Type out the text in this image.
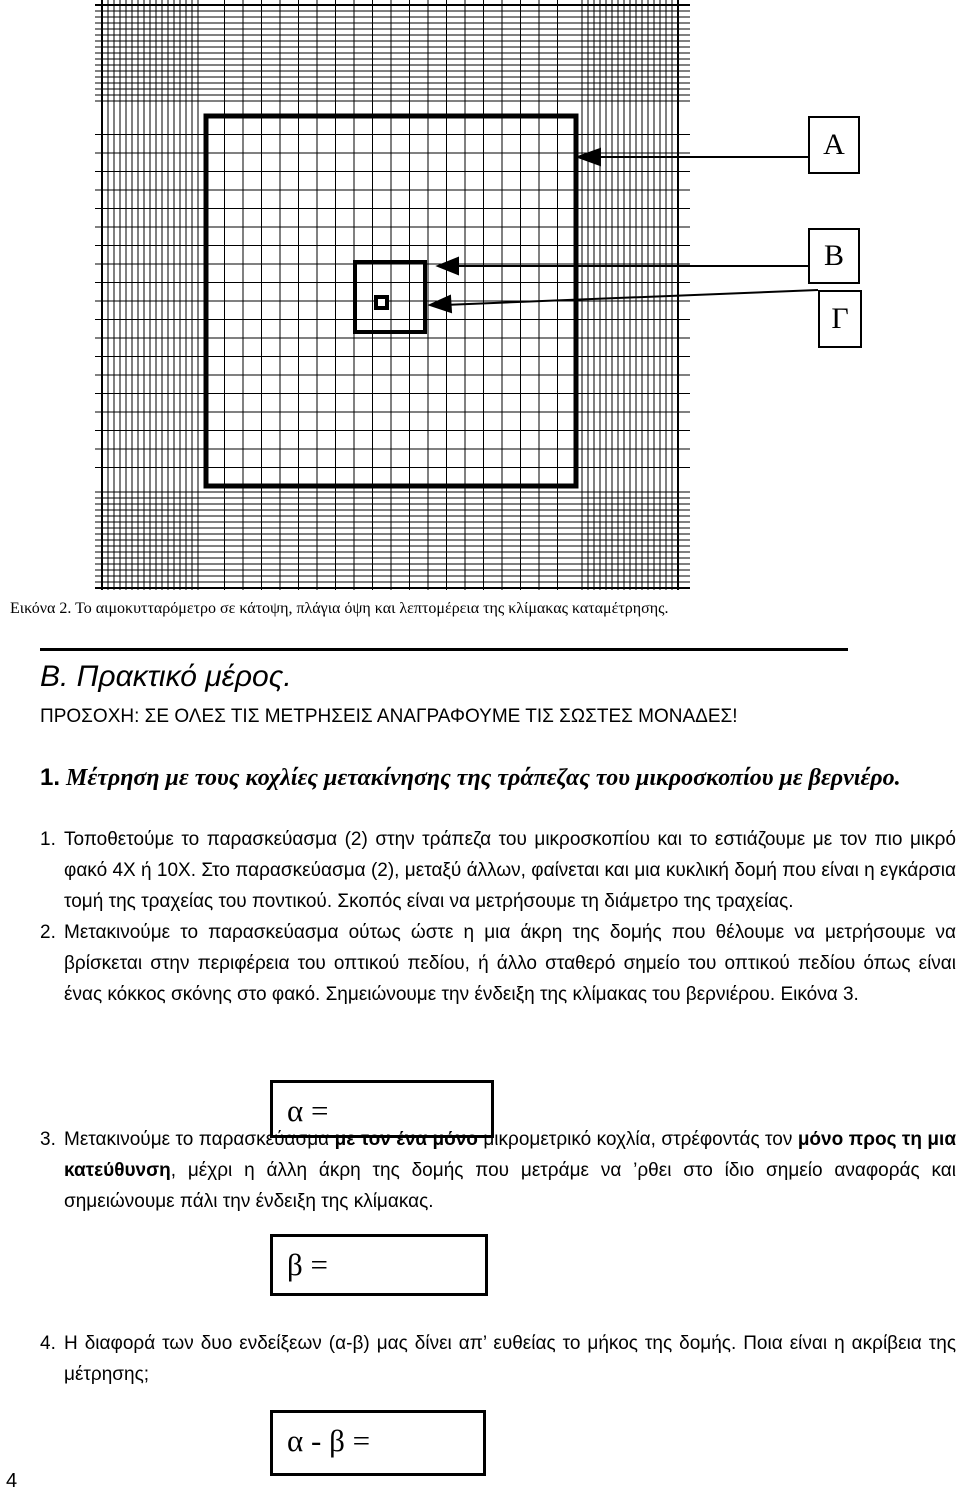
Α
Β
Γ
Εικόνα 2. Το αιμοκυτταρόμετρο σε κάτοψη, πλάγια όψη και λεπτομέρεια της κλίμακας καταμέτρησης.
Β. Πρακτικό μέρος.
ΠΡΟΣΟΧΗ: ΣΕ ΟΛΕΣ ΤΙΣ ΜΕΤΡΗΣΕΙΣ ΑΝΑΓΡΑΦΟΥΜΕ ΤΙΣ ΣΩΣΤΕΣ ΜΟΝΑΔΕΣ!
1. Μέτρηση με τους κοχλίες μετακίνησης της τράπεζας του μικροσκοπίου με βερνιέρο.
1. Τοποθετούμε το παρασκεύασμα (2) στην τράπεζα του μικροσκοπίου και το εστιάζουμε με τον πιο μικρό φακό 4Χ ή 10Χ. Στο παρασκεύασμα (2), μεταξύ άλλων, φαίνεται και μια κυκλική δομή που είναι η εγκάρσια τομή της τραχείας του ποντικού. Σκοπός είναι να μετρήσουμε τη διάμετρο της τραχείας.
2. Μετακινούμε το παρασκεύασμα ούτως ώστε η μια άκρη της δομής που θέλουμε να μετρήσουμε να βρίσκεται στην περιφέρεια του οπτικού πεδίου, ή άλλο σταθερό σημείο του οπτικού πεδίου όπως είναι ένας κόκκος σκόνης στο φακό. Σημειώνουμε την ένδειξη της κλίμακας του βερνιέρου. Εικόνα 3.
α =
3. Μετακινούμε το παρασκεύασμα με τον ένα μόνο μικρομετρικό κοχλία, στρέφοντάς τον μόνο προς τη μια κατεύθυνση, μέχρι η άλλη άκρη της δομής που μετράμε να ’ρθει στο ίδιο σημείο αναφοράς και σημειώνουμε πάλι την ένδειξη της κλίμακας.
β =
4. Η διαφορά των δυο ενδείξεων (α-β) μας δίνει απ’ ευθείας το μήκος της δομής. Ποια είναι η ακρίβεια της μέτρησης;
α - β =
4
